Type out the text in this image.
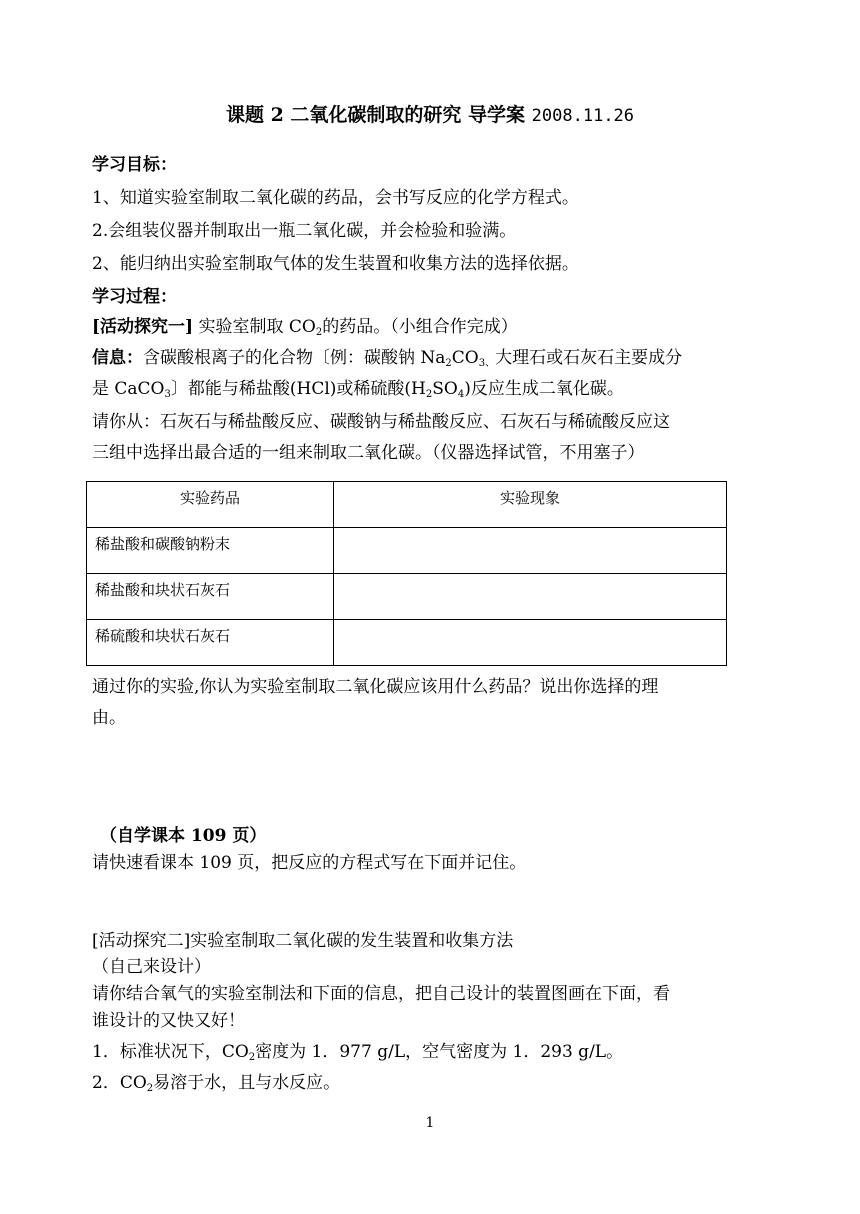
课题 2 二氧化碳制取的研究 导学案 2008.11.26
学习目标：
1、知道实验室制取二氧化碳的药品，会书写反应的化学方程式。
2.会组装仪器并制取出一瓶二氧化碳，并会检验和验满。
2、能归纳出实验室制取气体的发生装置和收集方法的选择依据。
学习过程：
[活动探究一] 实验室制取 $CO_2$的药品。（小组合作完成）
信息：含碳酸根离子的化合物〔例：碳酸钠 $Na_2CO_{3、}$大理石或石灰石主要成分
是 CaCO$_3$〕都能与稀盐酸(HCl)或稀硫酸$(H_2SO_4)$反应生成二氧化碳。
请你从：石灰石与稀盐酸反应、碳酸钠与稀盐酸反应、石灰石与稀硫酸反应这
三组中选择出最合适的一组来制取二氧化碳。（仪器选择试管，不用塞子）
实验药品	实验现象
稀盐酸和碳酸钠粉末	
稀盐酸和块状石灰石	
稀硫酸和块状石灰石	
通过你的实验,你认为实验室制取二氧化碳应该用什么药品？说出你选择的理
由。
（自学课本 109 页）
请快速看课本 109 页，把反应的方程式写在下面并记住。
[活动探究二]实验室制取二氧化碳的发生装置和收集方法
（自己来设计）
请你结合氧气的实验室制法和下面的信息，把自己设计的装置图画在下面，看
谁设计的又快又好！
1．标准状况下，$CO_2$密度为 1．977 g/L，空气密度为 1．293 g/L。
2．$CO_2$易溶于水，且与水反应。
1
